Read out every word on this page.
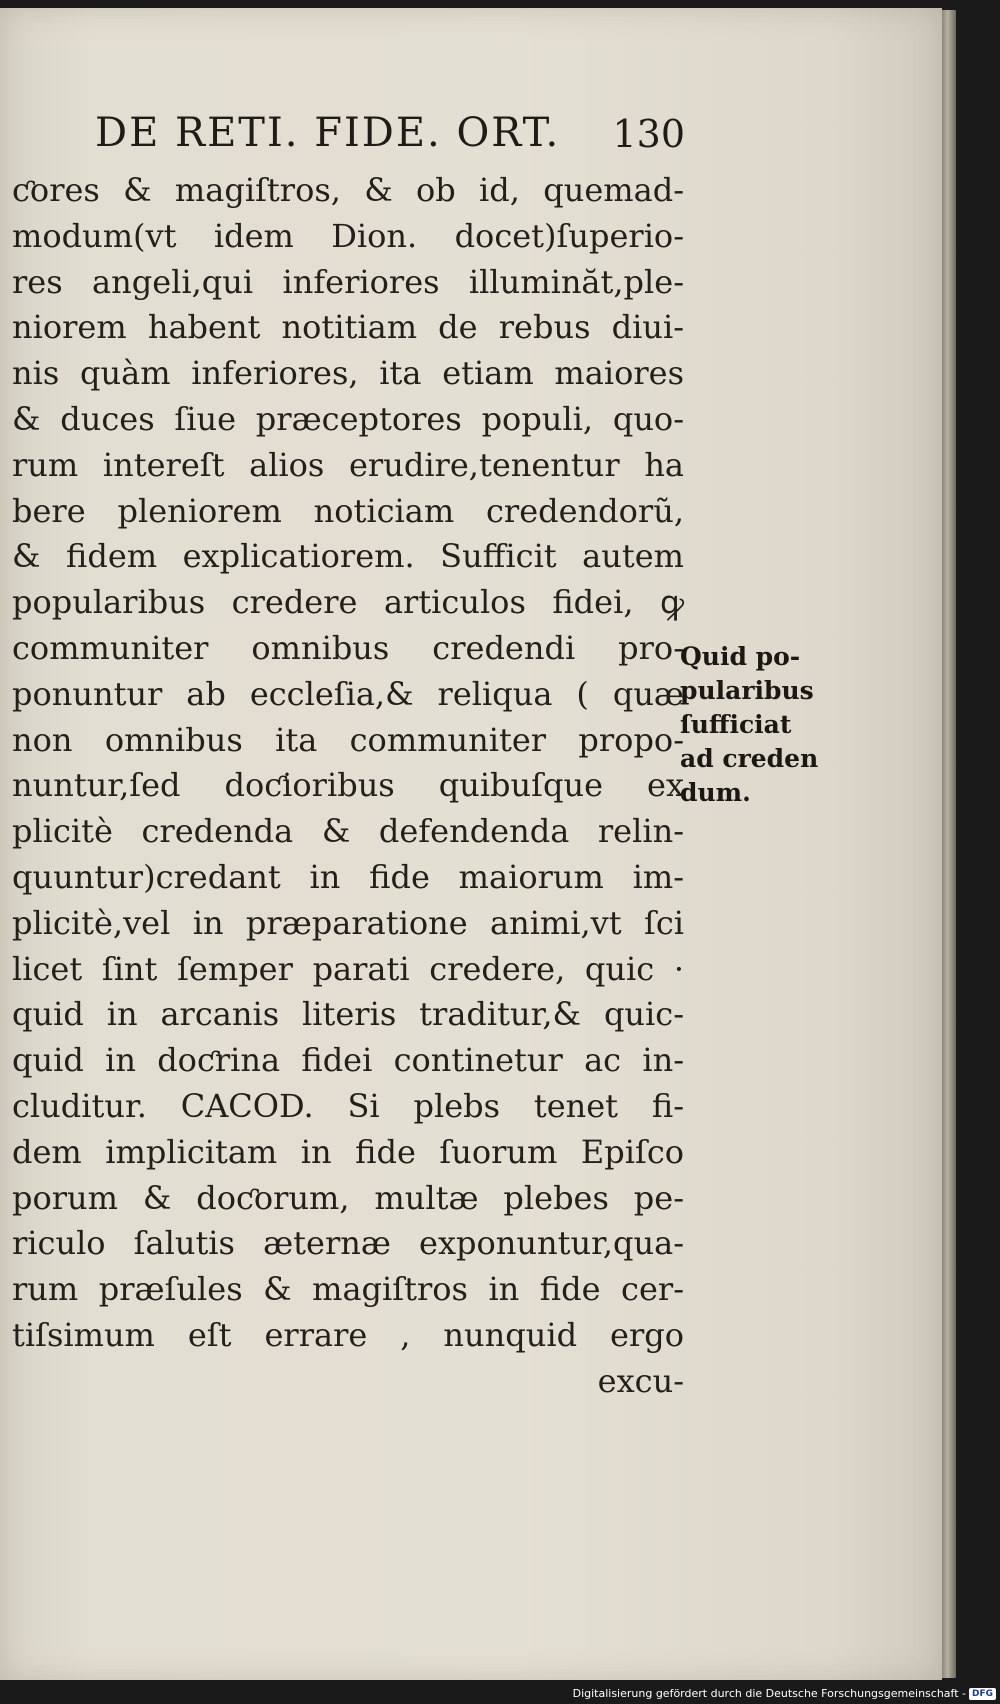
DE RETI. FIDE. ORT. 130
ƈores & magiſtros, & ob id, quemad-
modum(vt idem Dion. docet)ſuperio-
res angeli,qui inferiores illuminăt,ple-
niorem habent notitiam de rebus diui-
nis quàm inferiores, ita etiam maiores
& duces ſiue præceptores populi, quo-
rum intereſt alios erudire,tenentur ha
bere pleniorem noticiam credendorũ,
& fidem explicatiorem. Sufficit autem
popularibus credere articulos fidei, ꝙ
communiter omnibus credendi pro-
ponuntur ab eccleſia,& reliqua ( quæ
non omnibus ita communiter propo-
nuntur,ſed doƈioribus quibuſque ex
plicitè credenda & defendenda relin-
quuntur)credant in fide maiorum im-
plicitè,vel in præparatione animi,vt ſci
licet ſint ſemper parati credere, quic ·
quid in arcanis literis traditur,& quic-
quid in doƈrina fidei continetur ac in-
cluditur. CACOD. Si plebs tenet fi-
dem implicitam in fide ſuorum Epiſco
porum & doƈorum, multæ plebes pe-
riculo ſalutis æternæ exponuntur,qua-
rum præſules & magiſtros in fide cer-
tiſsimum eſt errare , nunquid ergo
excu-
Quid po-
pularibus
ſufficiat
ad creden
dum.
Digitalisierung gefördert durch die Deutsche Forschungsgemeinschaft - DFG
